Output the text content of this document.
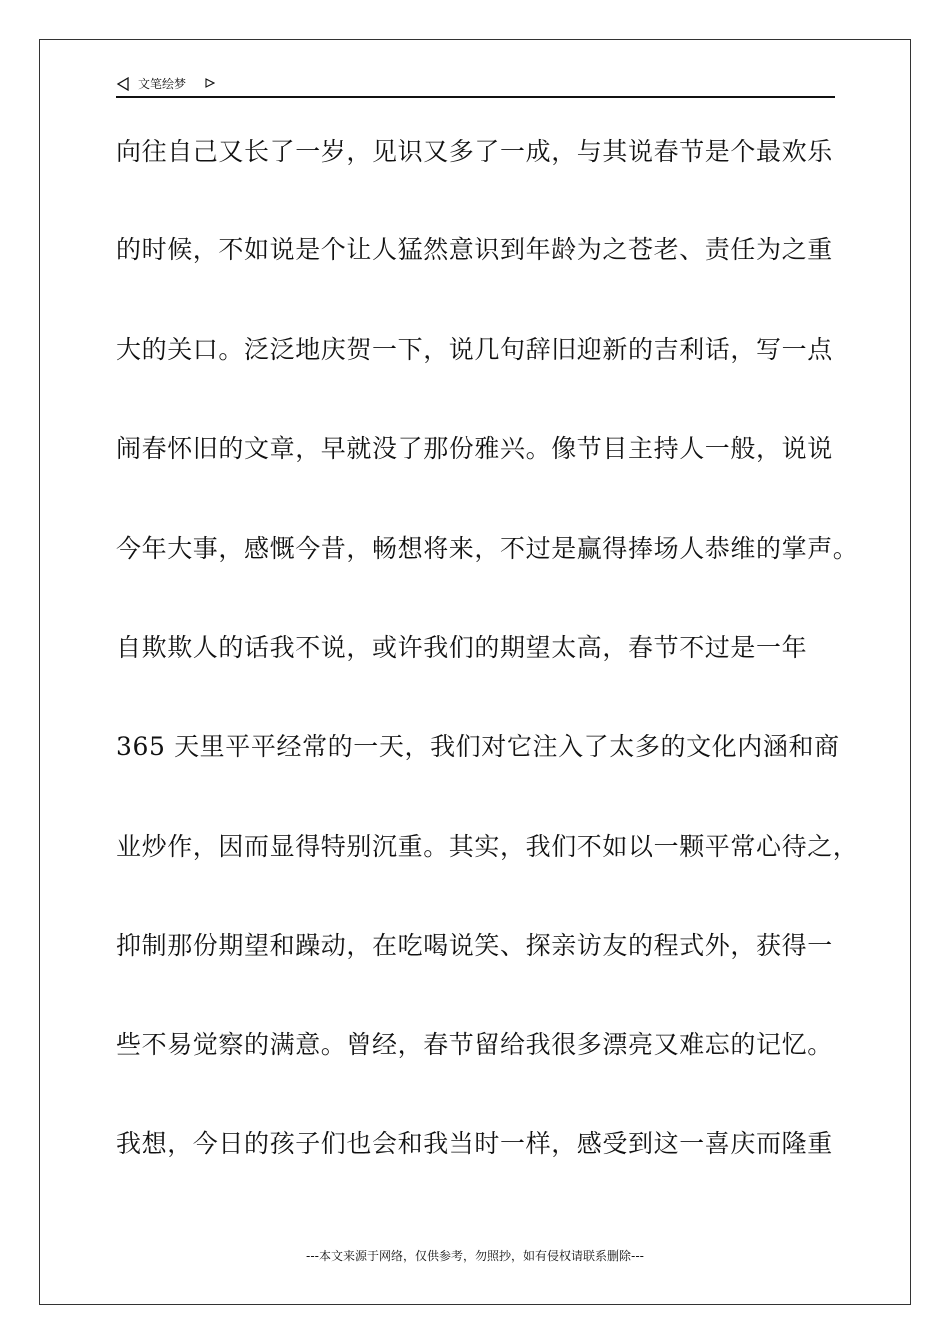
文笔绘梦
向往自己又长了一岁，见识又多了一成，与其说春节是个最欢乐
的时候，不如说是个让人猛然意识到年龄为之苍老、责任为之重
大的关口。泛泛地庆贺一下，说几句辞旧迎新的吉利话，写一点
闹春怀旧的文章，早就没了那份雅兴。像节目主持人一般，说说
今年大事，感慨今昔，畅想将来，不过是赢得捧场人恭维的掌声。
自欺欺人的话我不说，或许我们的期望太高，春节不过是一年
365 天里平平经常的一天，我们对它注入了太多的文化内涵和商
业炒作，因而显得特别沉重。其实，我们不如以一颗平常心待之，
抑制那份期望和躁动，在吃喝说笑、探亲访友的程式外，获得一
些不易觉察的满意。曾经，春节留给我很多漂亮又难忘的记忆。
我想，今日的孩子们也会和我当时一样，感受到这一喜庆而隆重
---本文来源于网络，仅供参考，勿照抄，如有侵权请联系删除---
